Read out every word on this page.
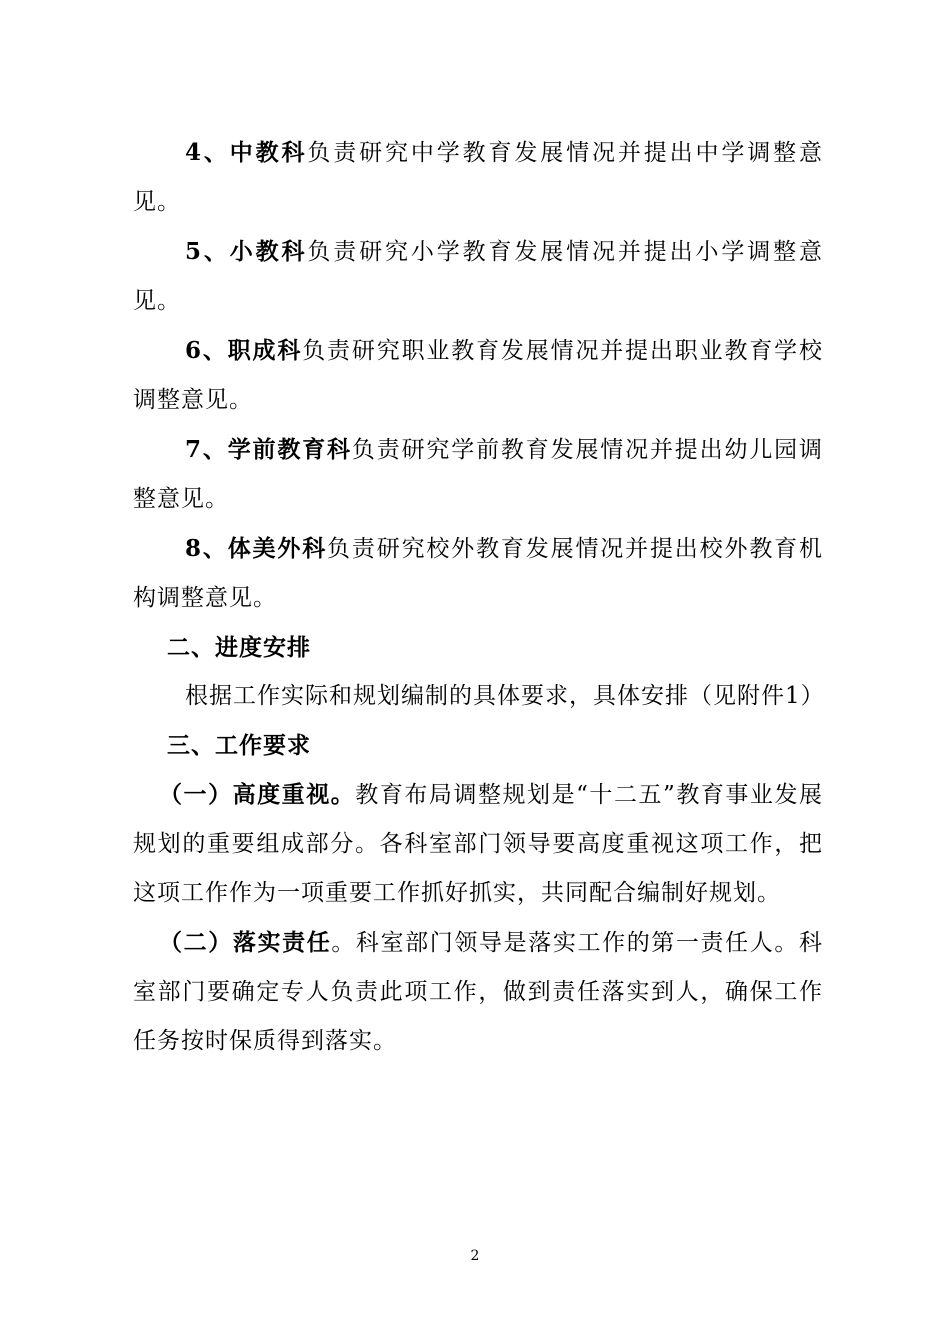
4、中教科负责研究中学教育发展情况并提出中学调整意见。

5、小教科负责研究小学教育发展情况并提出小学调整意见。

6、职成科负责研究职业教育发展情况并提出职业教育学校调整意见。

7、学前教育科负责研究学前教育发展情况并提出幼儿园调整意见。

8、体美外科负责研究校外教育发展情况并提出校外教育机构调整意见。

二、进度安排

根据工作实际和规划编制的具体要求，具体安排（见附件1）

三、工作要求

（一）高度重视。教育布局调整规划是“十二五”教育事业发展规划的重要组成部分。各科室部门领导要高度重视这项工作，把这项工作作为一项重要工作抓好抓实，共同配合编制好规划。

（二）落实责任。科室部门领导是落实工作的第一责任人。科室部门要确定专人负责此项工作，做到责任落实到人，确保工作任务按时保质得到落实。

2
